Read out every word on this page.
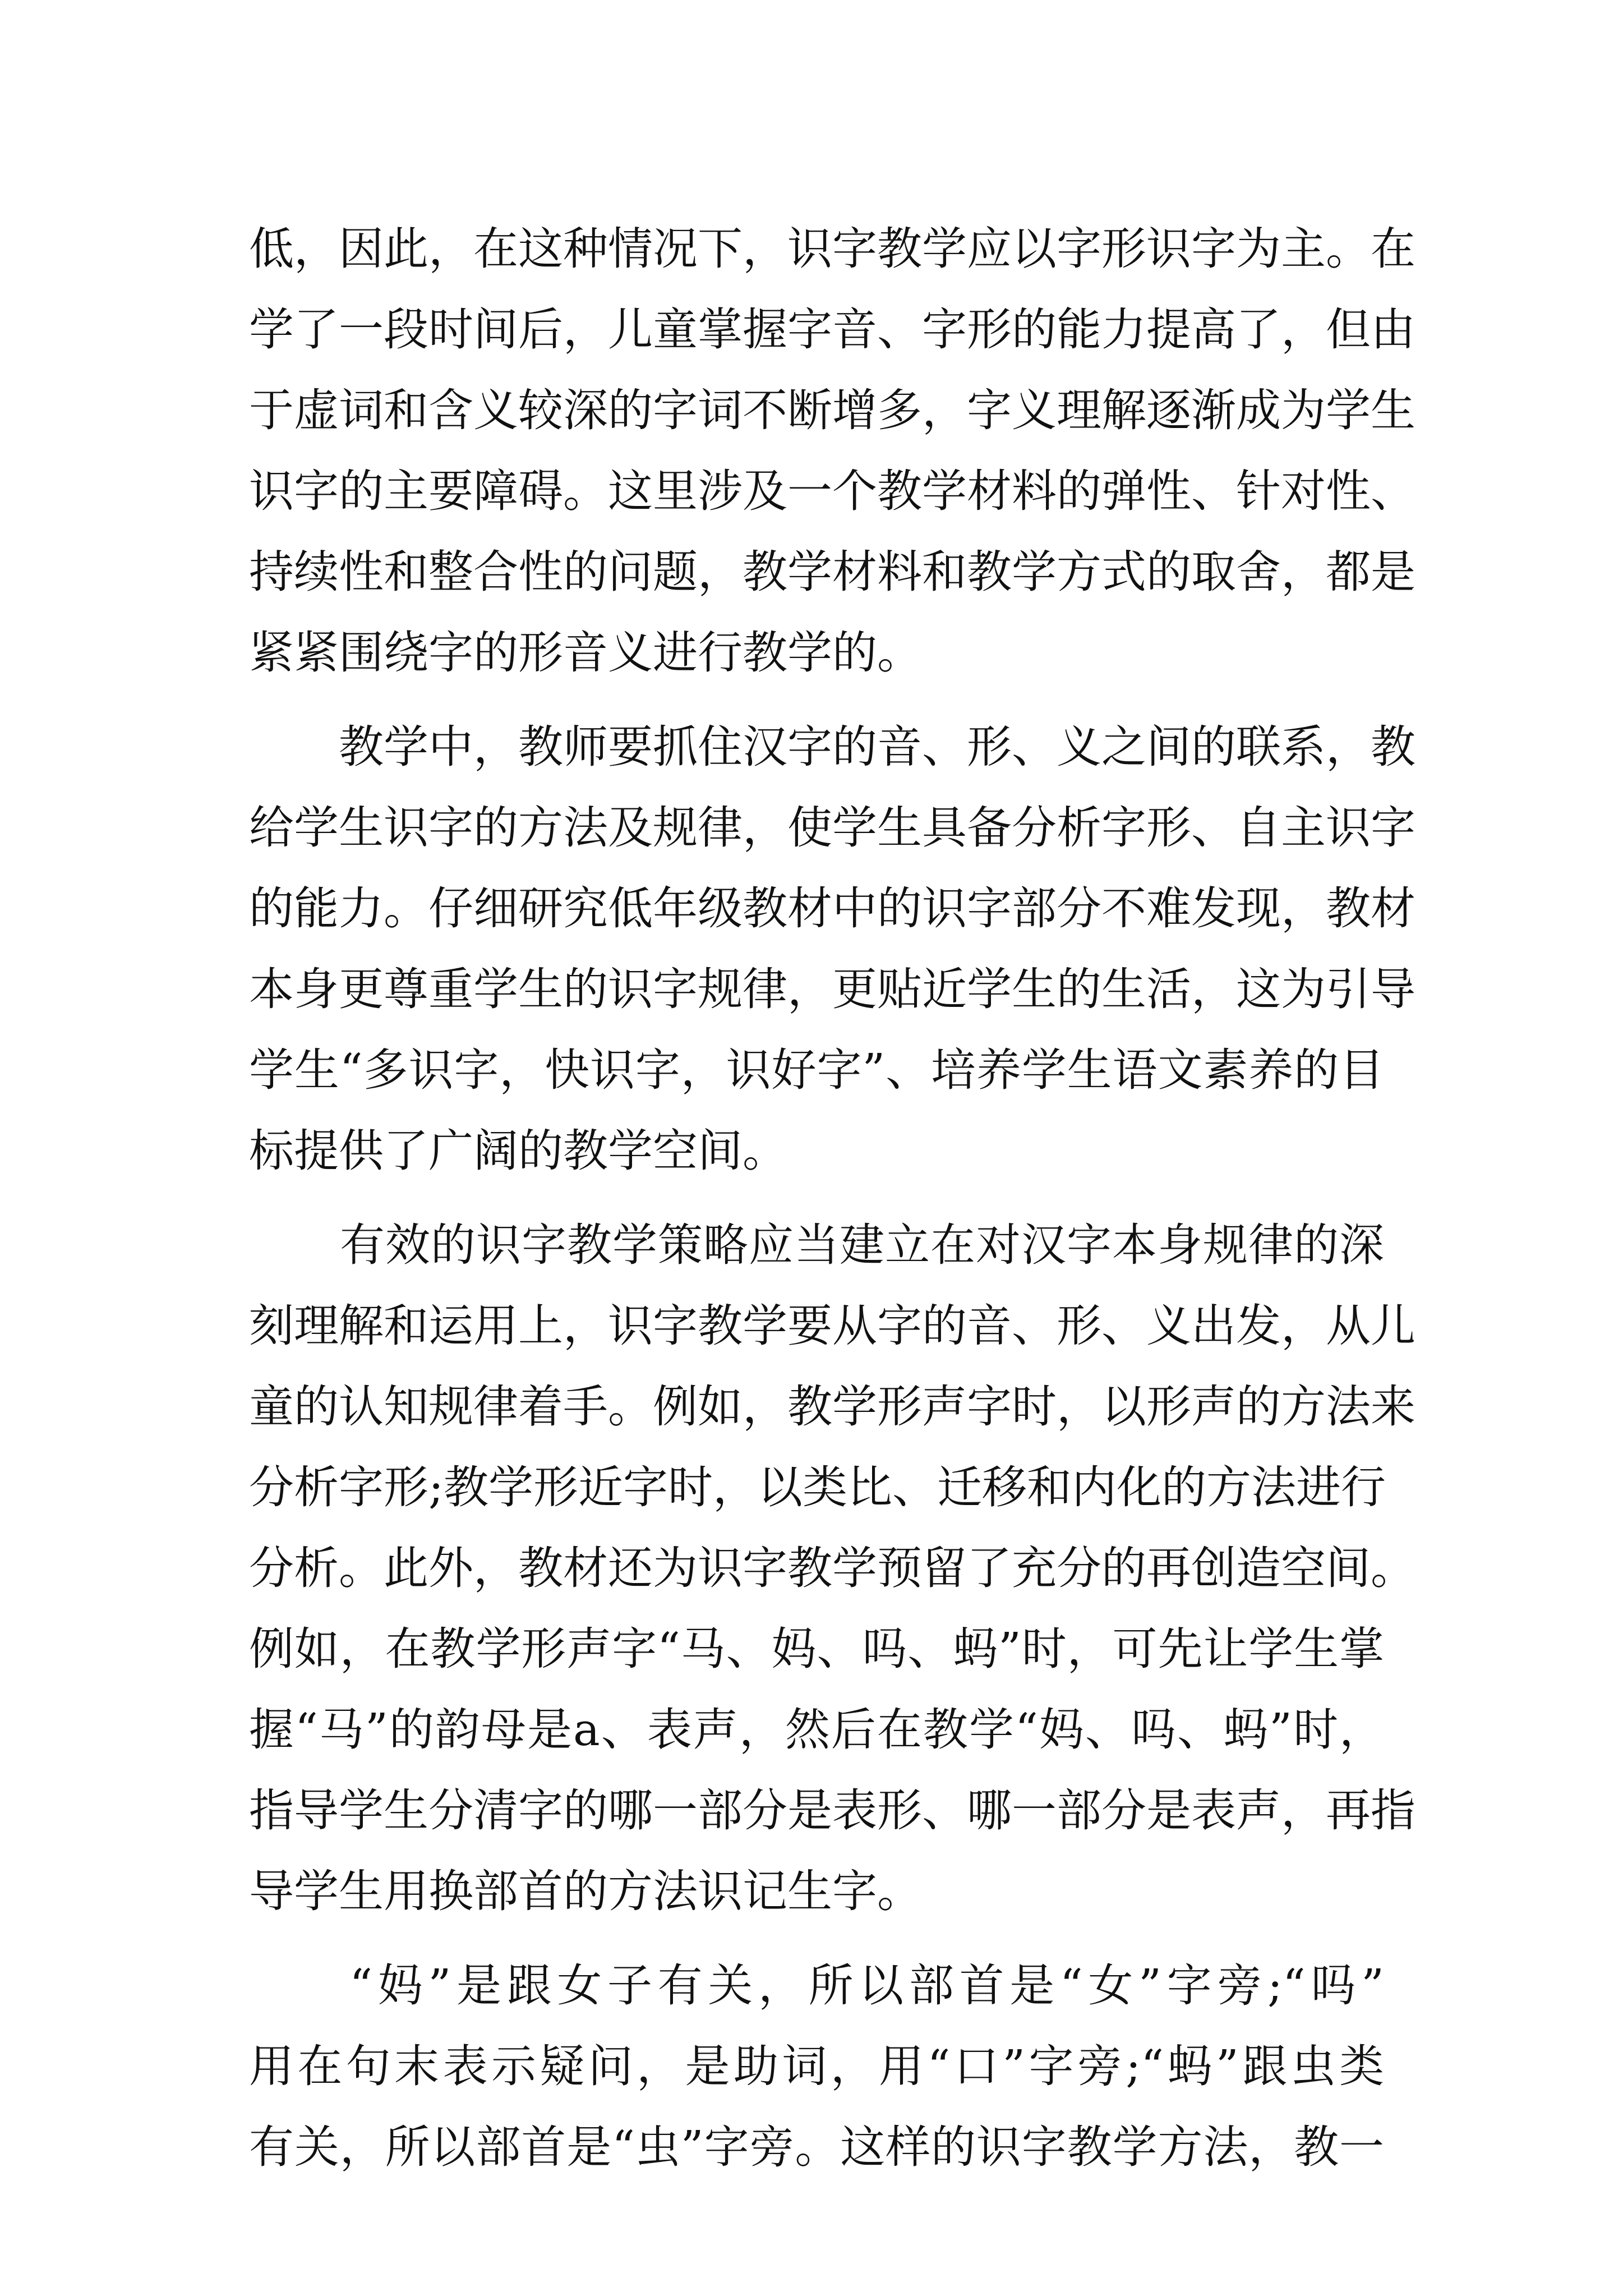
低，因此，在这种情况下，识字教学应以字形识字为主。在
学了一段时间后，儿童掌握字音、字形的能力提高了，但由
于虚词和含义较深的字词不断增多，字义理解逐渐成为学生
识字的主要障碍。这里涉及一个教学材料的弹性、针对性、
持续性和整合性的问题，教学材料和教学方式的取舍，都是
紧紧围绕字的形音义进行教学的。
　　教学中，教师要抓住汉字的音、形、义之间的联系，教
给学生识字的方法及规律，使学生具备分析字形、自主识字
的能力。仔细研究低年级教材中的识字部分不难发现，教材
本身更尊重学生的识字规律，更贴近学生的生活，这为引导
学生“多识字，快识字，识好字”、培养学生语文素养的目
标提供了广阔的教学空间。
　　有效的识字教学策略应当建立在对汉字本身规律的深
刻理解和运用上，识字教学要从字的音、形、义出发，从儿
童的认知规律着手。例如，教学形声字时，以形声的方法来
分析字形;教学形近字时，以类比、迁移和内化的方法进行
分析。此外，教材还为识字教学预留了充分的再创造空间。
例如，在教学形声字“马、妈、吗、蚂”时，可先让学生掌
握“马”的韵母是a、表声，然后在教学“妈、吗、蚂”时，
指导学生分清字的哪一部分是表形、哪一部分是表声，再指
导学生用换部首的方法识记生字。
　　“妈”是跟女子有关，所以部首是“女”字旁;“吗”
用在句末表示疑问，是助词，用“口”字旁;“蚂”跟虫类
有关，所以部首是“虫”字旁。这样的识字教学方法，教一
